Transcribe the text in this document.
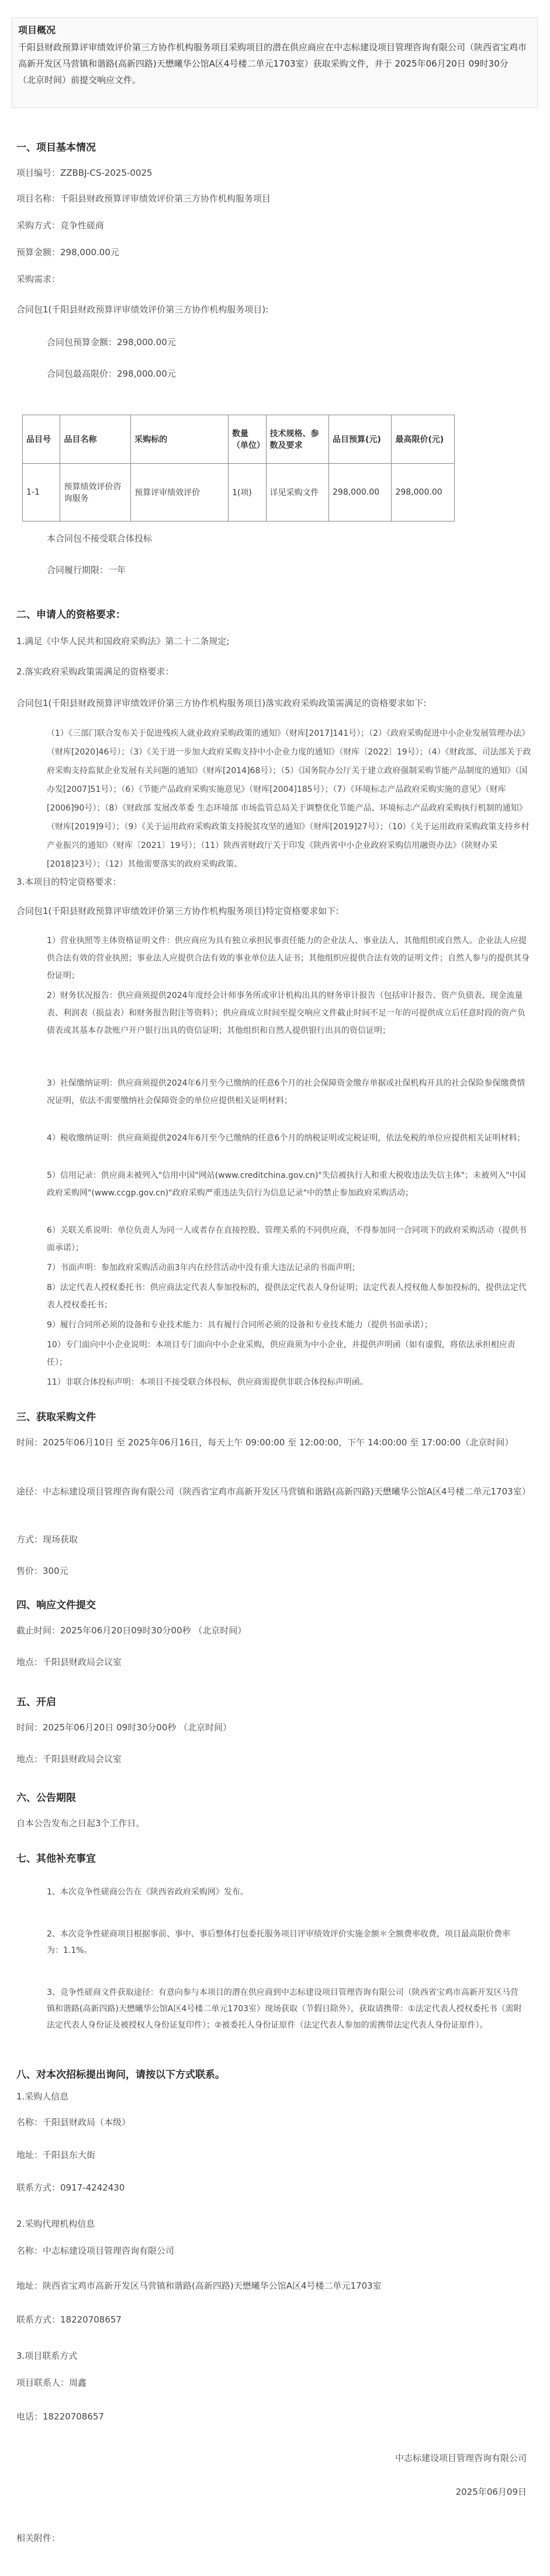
项目概况
千阳县财政预算评审绩效评价第三方协作机构服务项目采购项目的潜在供应商应在中志标建设项目管理咨询有限公司（陕西省宝鸡市高新开发区马营镇和谐路(高新四路)天懋曦华公馆A区4号楼二单元1703室）获取采购文件，并于 2025年06月20日 09时30分 （北京时间）前提交响应文件。
一、项目基本情况
项目编号：ZZBBJ-CS-2025-0025
项目名称：千阳县财政预算评审绩效评价第三方协作机构服务项目
采购方式：竞争性磋商
预算金额：298,000.00元
采购需求：
合同包1(千阳县财政预算评审绩效评价第三方协作机构服务项目):
合同包预算金额：298,000.00元
合同包最高限价：298,000.00元
品目号	品目名称	采购标的	数量（单位）	技术规格、参数及要求	品目预算(元)	最高限价(元)
1-1	预算绩效评价咨询服务	预算评审绩效评价	1(项)	详见采购文件	298,000.00	298,000.00
本合同包不接受联合体投标
合同履行期限：一年
二、申请人的资格要求：
1.满足《中华人民共和国政府采购法》第二十二条规定;
2.落实政府采购政策需满足的资格要求：
合同包1(千阳县财政预算评审绩效评价第三方协作机构服务项目)落实政府采购政策需满足的资格要求如下:
（1）《三部门联合发布关于促进残疾人就业政府采购政策的通知》（财库[2017]141号）；（2）《政府采购促进中小企业发展管理办法》（财库[2020]46号）；（3）《关于进一步加大政府采购支持中小企业力度的通知》（财库〔2022〕19号）；（4）《财政部、司法部关于政府采购支持监狱企业发展有关问题的通知》（财库[2014]68号）；（5）《国务院办公厅关于建立政府强制采购节能产品制度的通知》（国办发[2007]51号）；（6）《节能产品政府采购实施意见》（财库[2004]185号）；（7）《环境标志产品政府采购实施的意见》（财库[2006]90号）；（8）《财政部 发展改革委 生态环境部 市场监管总局关于调整优化节能产品、环境标志产品政府采购执行机制的通知》（财库[2019]9号）；（9）《关于运用政府采购政策支持脱贫攻坚的通知》（财库[2019]27号）；（10）《关于运用政府采购政策支持乡村产业振兴的通知》（财库〔2021〕19号）；（11）陕西省财政厅关于印发《陕西省中小企业政府采购信用融资办法》（陕财办采[2018]23号）；（12）其他需要落实的政府采购政策。
3.本项目的特定资格要求：
合同包1(千阳县财政预算评审绩效评价第三方协作机构服务项目)特定资格要求如下:
1）营业执照等主体资格证明文件：供应商应为具有独立承担民事责任能力的企业法人、事业法人、其他组织或自然人。企业法人应提供合法有效的营业执照；事业法人应提供合法有效的事业单位法人证书；其他组织应提供合法有效的证明文件；自然人参与的提供其身份证明；
2）财务状况报告：供应商须提供2024年度经会计师事务所或审计机构出具的财务审计报告（包括审计报告、资产负债表、现金流量表、利润表（损益表）和财务报告附注等资料）；供应商成立时间至提交响应文件截止时间不足一年的可提供成立后任意时段的资产负债表或其基本存款账户开户银行出具的资信证明；其他组织和自然人提供银行出具的资信证明；
3）社保缴纳证明：供应商须提供2024年6月至今已缴纳的任意6个月的社会保障资金缴存单据或社保机构开具的社会保险参保缴费情况证明，依法不需要缴纳社会保障资金的单位应提供相关证明材料；
4）税收缴纳证明：供应商须提供2024年6月至今已缴纳的任意6个月的纳税证明或完税证明，依法免税的单位应提供相关证明材料；
5）信用记录：供应商未被列入"信用中国"网站(www.creditchina.gov.cn)"失信被执行人和重大税收违法失信主体"；未被列入"中国政府采购网"(www.ccgp.gov.cn)"政府采购严重违法失信行为信息记录"中的禁止参加政府采购活动；
6）关联关系说明：单位负责人为同一人或者存在直接控股、管理关系的不同供应商，不得参加同一合同项下的政府采购活动（提供书面承诺）；
7）书面声明：参加政府采购活动前3年内在经营活动中没有重大违法记录的书面声明；
8）法定代表人授权委托书：供应商法定代表人参加投标的，提供法定代表人身份证明；法定代表人授权他人参加投标的，提供法定代表人授权委托书；
9）履行合同所必须的设备和专业技术能力：具有履行合同所必须的设备和专业技术能力（提供书面承诺）；
10）专门面向中小企业说明：本项目专门面向中小企业采购，供应商须为中小企业，并提供声明函（如有虚假，将依法承担相应责任）；
11）非联合体投标声明：本项目不接受联合体投标，供应商需提供非联合体投标声明函。
三、获取采购文件
时间：2025年06月10日 至 2025年06月16日，每天上午 09:00:00 至 12:00:00，下午 14:00:00 至 17:00:00（北京时间）
途径：中志标建设项目管理咨询有限公司（陕西省宝鸡市高新开发区马营镇和谐路(高新四路)天懋曦华公馆A区4号楼二单元1703室）
方式：现场获取
售价：300元
四、响应文件提交
截止时间：2025年06月20日09时30分00秒 （北京时间）
地点：千阳县财政局会议室
五、开启
时间：2025年06月20日 09时30分00秒 （北京时间）
地点：千阳县财政局会议室
六、公告期限
自本公告发布之日起3个工作日。
七、其他补充事宜
1、本次竞争性磋商公告在《陕西省政府采购网》发布。
2、本次竞争性磋商项目根据事前、事中、事后整体打包委托服务项目评审绩效评价实施金额＊全额费率收费，项目最高限价费率为：1.1%。
3、竞争性磋商文件获取途径：有意向参与本项目的潜在供应商到中志标建设项目管理咨询有限公司（陕西省宝鸡市高新开发区马营镇和谐路(高新四路)天懋曦华公馆A区4号楼二单元1703室）现场获取（节假日除外），获取请携带：①法定代表人授权委托书（需附法定代表人身份证及被授权人身份证复印件）；②被委托人身份证原件（法定代表人参加的需携带法定代表人身份证原件）。
八、对本次招标提出询问，请按以下方式联系。
1.采购人信息
名称：千阳县财政局（本级）
地址：千阳县东大街
联系方式：0917-4242430
2.采购代理机构信息
名称：中志标建设项目管理咨询有限公司
地址：陕西省宝鸡市高新开发区马营镇和谐路(高新四路)天懋曦华公馆A区4号楼二单元1703室
联系方式：18220708657
3.项目联系方式
项目联系人：周鑫
电话：18220708657
中志标建设项目管理咨询有限公司
2025年06月09日
相关附件：
